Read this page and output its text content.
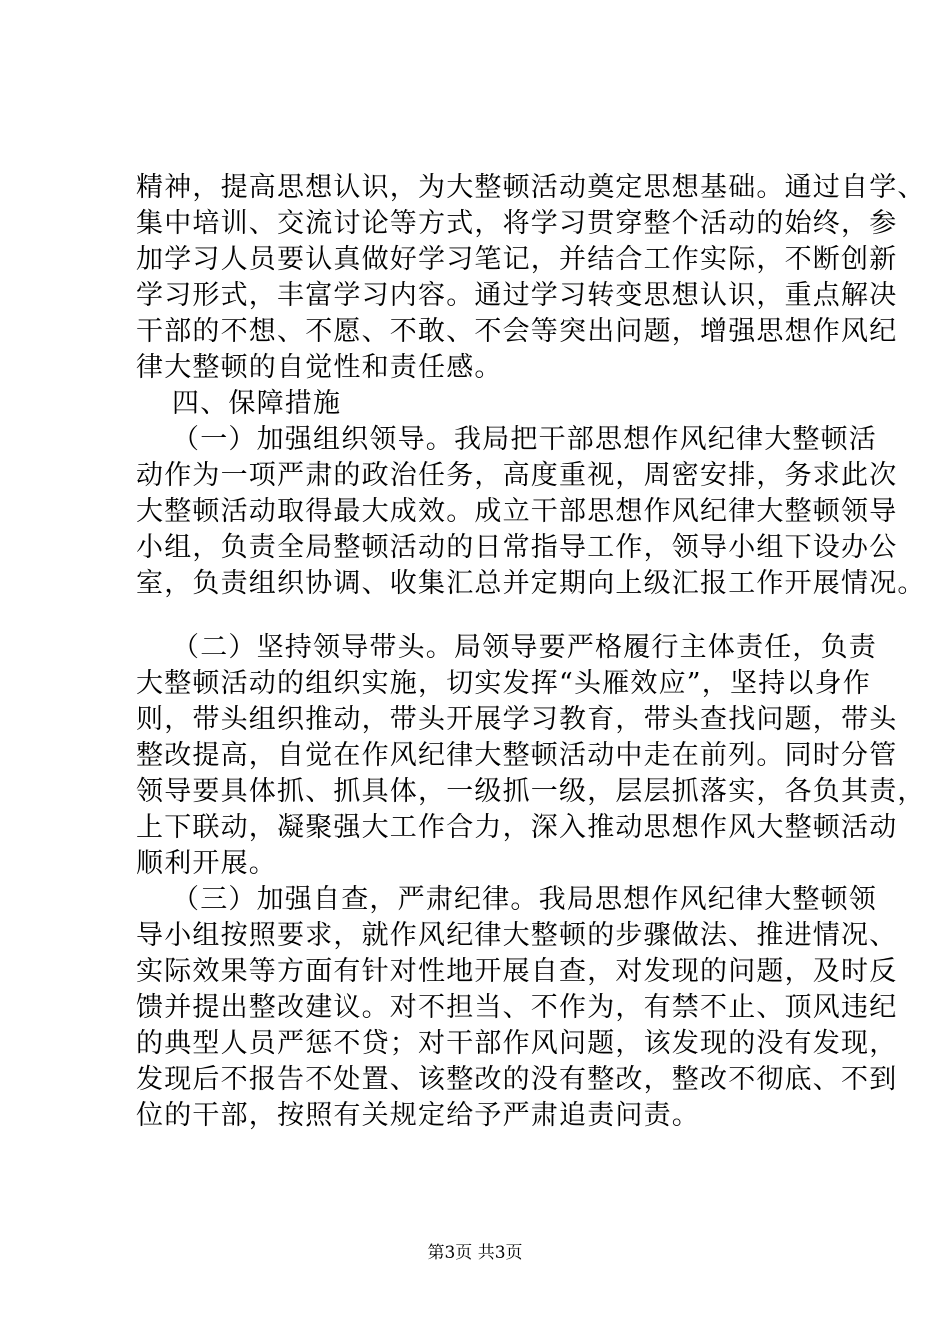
精神，提高思想认识，为大整顿活动奠定思想基础。通过自学、
集中培训、交流讨论等方式，将学习贯穿整个活动的始终，参
加学习人员要认真做好学习笔记，并结合工作实际，不断创新
学习形式，丰富学习内容。通过学习转变思想认识，重点解决
干部的不想、不愿、不敢、不会等突出问题，增强思想作风纪
律大整顿的自觉性和责任感。
四、保障措施
（一）加强组织领导。我局把干部思想作风纪律大整顿活
动作为一项严肃的政治任务，高度重视，周密安排，务求此次
大整顿活动取得最大成效。成立干部思想作风纪律大整顿领导
小组，负责全局整顿活动的日常指导工作，领导小组下设办公
室，负责组织协调、收集汇总并定期向上级汇报工作开展情况。
（二）坚持领导带头。局领导要严格履行主体责任，负责
大整顿活动的组织实施，切实发挥“头雁效应”，坚持以身作
则，带头组织推动，带头开展学习教育，带头查找问题，带头
整改提高，自觉在作风纪律大整顿活动中走在前列。同时分管
领导要具体抓、抓具体，一级抓一级，层层抓落实，各负其责，
上下联动，凝聚强大工作合力，深入推动思想作风大整顿活动
顺利开展。
（三）加强自查，严肃纪律。我局思想作风纪律大整顿领
导小组按照要求，就作风纪律大整顿的步骤做法、推进情况、
实际效果等方面有针对性地开展自查，对发现的问题，及时反
馈并提出整改建议。对不担当、不作为，有禁不止、顶风违纪
的典型人员严惩不贷；对干部作风问题，该发现的没有发现，
发现后不报告不处置、该整改的没有整改，整改不彻底、不到
位的干部，按照有关规定给予严肃追责问责。
第3页 共3页
